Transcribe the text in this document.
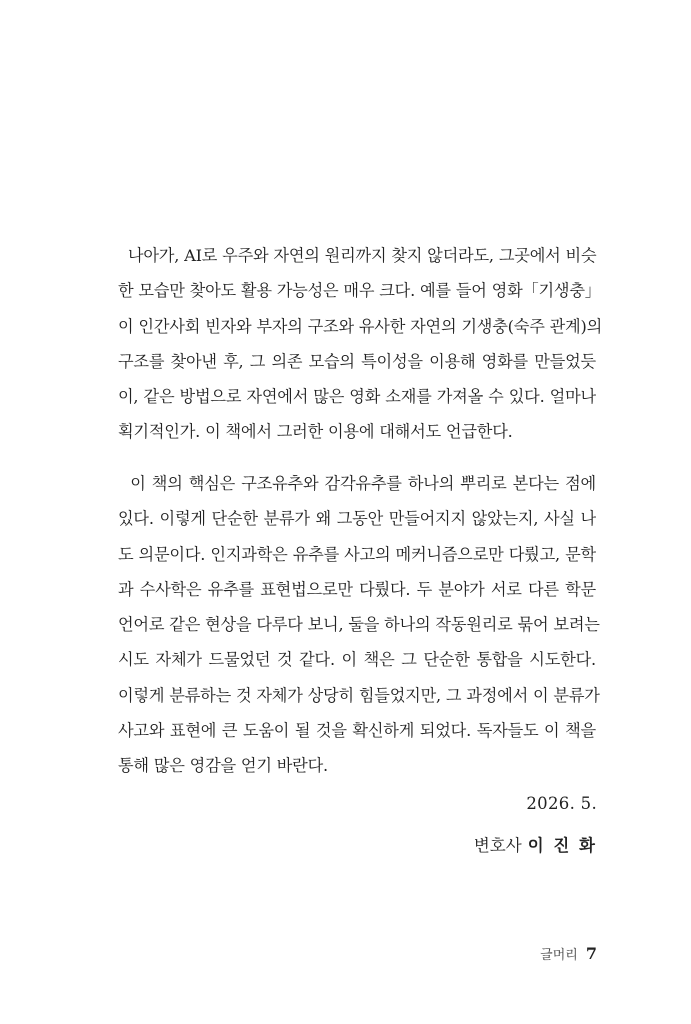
나아가, AI로 우주와 자연의 원리까지 찾지 않더라도, 그곳에서 비슷
한 모습만 찾아도 활용 가능성은 매우 크다. 예를 들어 영화「기생충」
이 인간사회 빈자와 부자의 구조와 유사한 자연의 기생충(숙주 관계)의
구조를 찾아낸 후, 그 의존 모습의 특이성을 이용해 영화를 만들었듯
이, 같은 방법으로 자연에서 많은 영화 소재를 가져올 수 있다. 얼마나
획기적인가. 이 책에서 그러한 이용에 대해서도 언급한다.
이 책의 핵심은 구조유추와 감각유추를 하나의 뿌리로 본다는 점에
있다. 이렇게 단순한 분류가 왜 그동안 만들어지지 않았는지, 사실 나
도 의문이다. 인지과학은 유추를 사고의 메커니즘으로만 다뤘고, 문학
과 수사학은 유추를 표현법으로만 다뤘다. 두 분야가 서로 다른 학문
언어로 같은 현상을 다루다 보니, 둘을 하나의 작동원리로 묶어 보려는
시도 자체가 드물었던 것 같다. 이 책은 그 단순한 통합을 시도한다.
이렇게 분류하는 것 자체가 상당히 힘들었지만, 그 과정에서 이 분류가
사고와 표현에 큰 도움이 될 것을 확신하게 되었다. 독자들도 이 책을
통해 많은 영감을 얻기 바란다.
2026. 5.
변호사 이 진 화
글머리 7
